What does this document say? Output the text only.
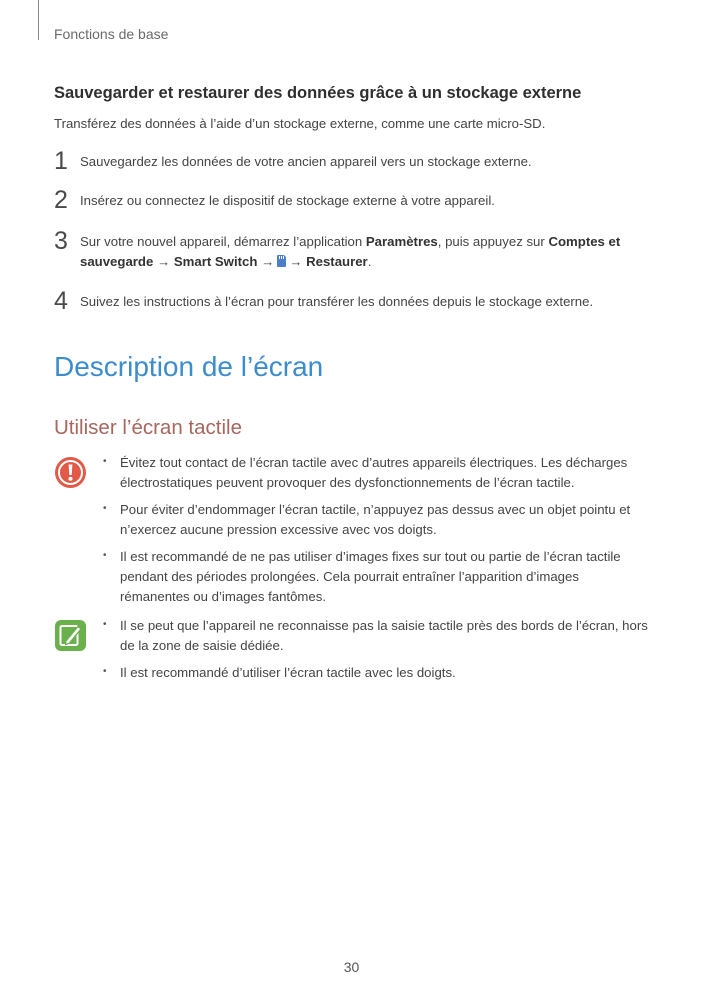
Fonctions de base
Sauvegarder et restaurer des données grâce à un stockage externe
Transférez des données à l’aide d’un stockage externe, comme une carte micro-SD.
1 Sauvegardez les données de votre ancien appareil vers un stockage externe.
2 Insérez ou connectez le dispositif de stockage externe à votre appareil.
3 Sur votre nouvel appareil, démarrez l’application Paramètres, puis appuyez sur Comptes et sauvegarde → Smart Switch → → Restaurer.
4 Suivez les instructions à l’écran pour transférer les données depuis le stockage externe.
Description de l’écran
Utiliser l’écran tactile
• Évitez tout contact de l’écran tactile avec d’autres appareils électriques. Les décharges électrostatiques peuvent provoquer des dysfonctionnements de l’écran tactile.
• Pour éviter d’endommager l’écran tactile, n’appuyez pas dessus avec un objet pointu et n’exercez aucune pression excessive avec vos doigts.
• Il est recommandé de ne pas utiliser d’images fixes sur tout ou partie de l’écran tactile pendant des périodes prolongées. Cela pourrait entraîner l’apparition d’images rémanentes ou d’images fantômes.
• Il se peut que l’appareil ne reconnaisse pas la saisie tactile près des bords de l’écran, hors de la zone de saisie dédiée.
• Il est recommandé d’utiliser l’écran tactile avec les doigts.
30
